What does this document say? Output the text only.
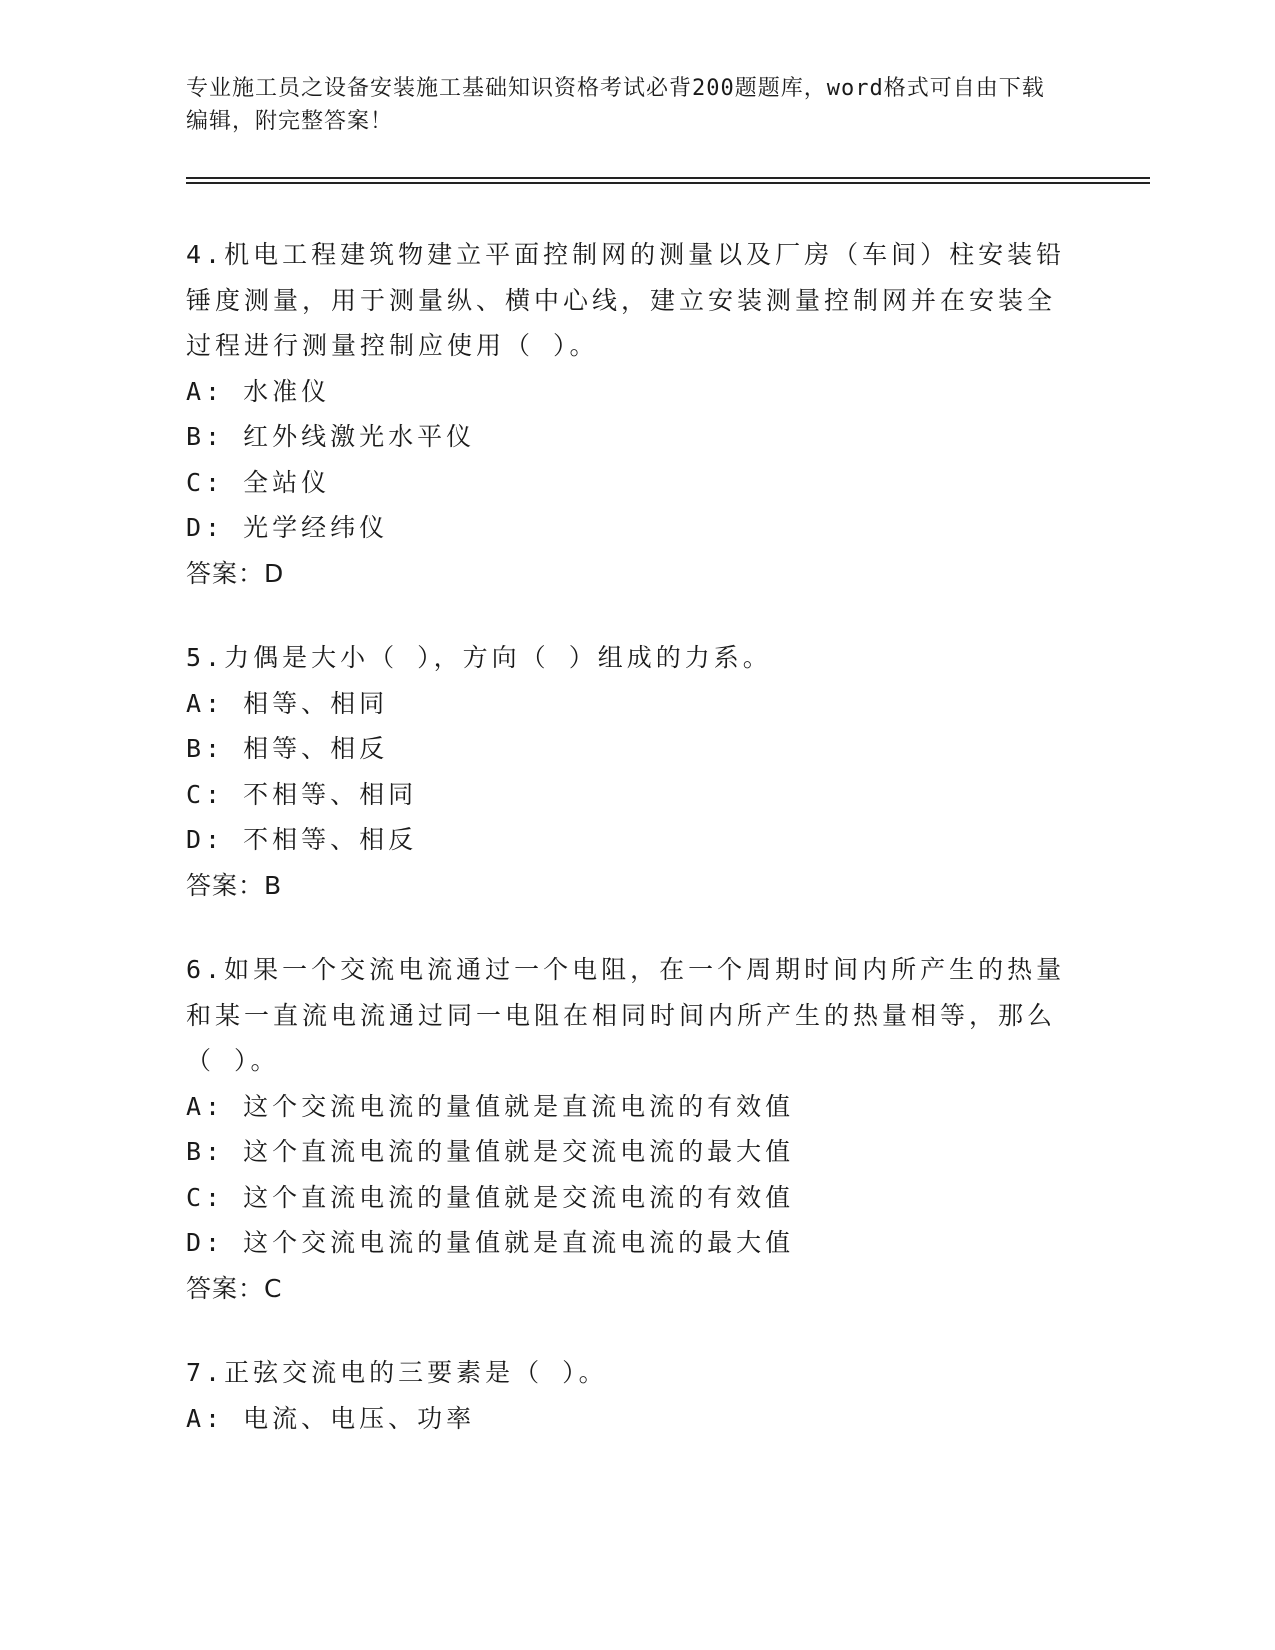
专业施工员之设备安装施工基础知识资格考试必背200题题库，word格式可自由下载编辑，附完整答案！
4.机电工程建筑物建立平面控制网的测量以及厂房（车间）柱安装铅
锤度测量，用于测量纵、横中心线，建立安装测量控制网并在安装全
过程进行测量控制应使用（ ）。
A: 水准仪
B: 红外线激光水平仪
C: 全站仪
D: 光学经纬仪
答案：D
5.力偶是大小（ ），方向（ ）组成的力系。
A: 相等、相同
B: 相等、相反
C: 不相等、相同
D: 不相等、相反
答案：B
6.如果一个交流电流通过一个电阻，在一个周期时间内所产生的热量
和某一直流电流通过同一电阻在相同时间内所产生的热量相等，那么
（ ）。
A: 这个交流电流的量值就是直流电流的有效值
B: 这个直流电流的量值就是交流电流的最大值
C: 这个直流电流的量值就是交流电流的有效值
D: 这个交流电流的量值就是直流电流的最大值
答案：C
7.正弦交流电的三要素是（ ）。
A: 电流、电压、功率
